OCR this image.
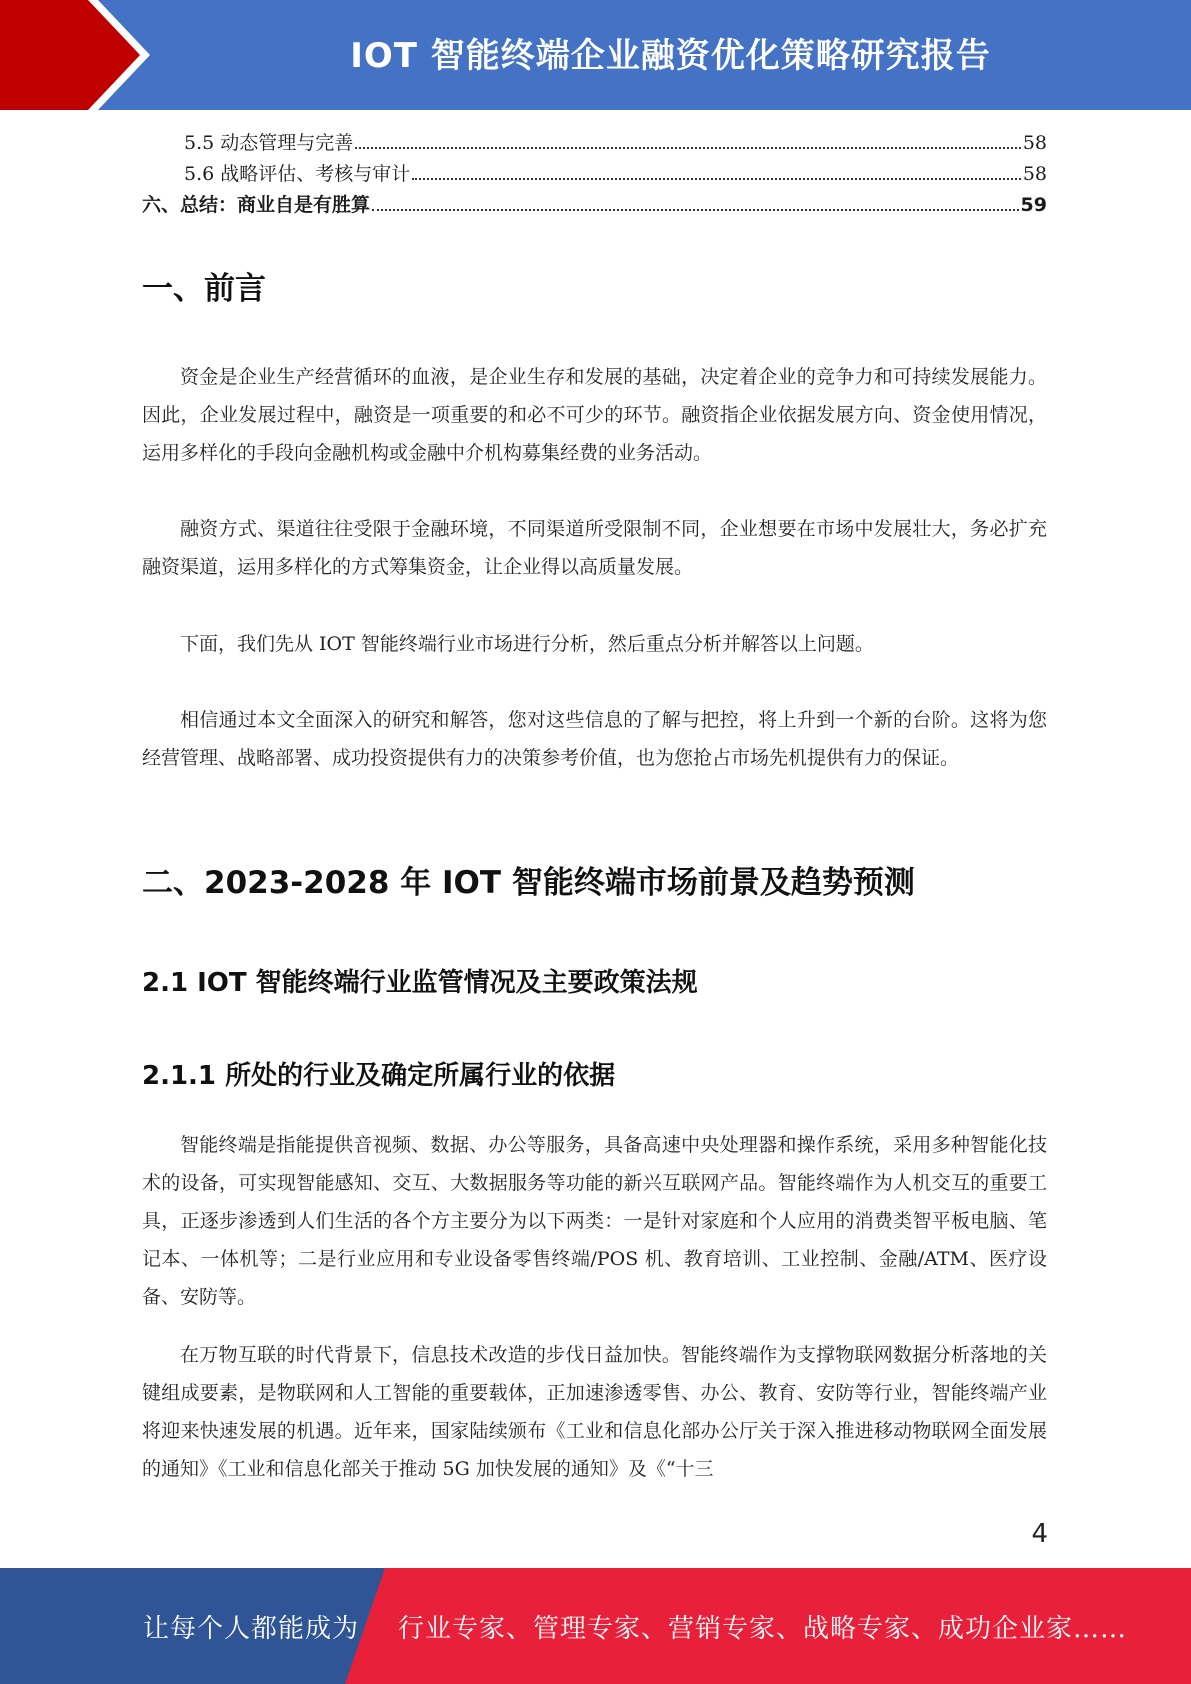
IOT 智能终端企业融资优化策略研究报告
5.5 动态管理与完善	58
5.6 战略评估、考核与审计	58
六、总结：商业自是有胜算	59
一、前言

资金是企业生产经营循环的血液，是企业生存和发展的基础，决定着企业的竞争力和可持续发展能力。因此，企业发展过程中，融资是一项重要的和必不可少的环节。融资指企业依据发展方向、资金使用情况，运用多样化的手段向金融机构或金融中介机构募集经费的业务活动。

融资方式、渠道往往受限于金融环境，不同渠道所受限制不同，企业想要在市场中发展壮大，务必扩充融资渠道，运用多样化的方式筹集资金，让企业得以高质量发展。

下面，我们先从 IOT 智能终端行业市场进行分析，然后重点分析并解答以上问题。

相信通过本文全面深入的研究和解答，您对这些信息的了解与把控，将上升到一个新的台阶。这将为您经营管理、战略部署、成功投资提供有力的决策参考价值，也为您抢占市场先机提供有力的保证。

二、2023-2028 年 IOT 智能终端市场前景及趋势预测
2.1 IOT 智能终端行业监管情况及主要政策法规
2.1.1 所处的行业及确定所属行业的依据

智能终端是指能提供音视频、数据、办公等服务，具备高速中央处理器和操作系统，采用多种智能化技术的设备，可实现智能感知、交互、大数据服务等功能的新兴互联网产品。智能终端作为人机交互的重要工具，正逐步渗透到人们生活的各个方主要分为以下两类：一是针对家庭和个人应用的消费类智平板电脑、笔记本、一体机等；二是行业应用和专业设备零售终端/POS 机、教育培训、工业控制、金融/ATM、医疗设备、安防等。

在万物互联的时代背景下，信息技术改造的步伐日益加快。智能终端作为支撑物联网数据分析落地的关键组成要素，是物联网和人工智能的重要载体，正加速渗透零售、办公、教育、安防等行业，智能终端产业将迎来快速发展的机遇。近年来，国家陆续颁布《工业和信息化部办公厅关于深入推进移动物联网全面发展的通知》《工业和信息化部关于推动 5G 加快发展的通知》及《“十三

4
让每个人都能成为 行业专家、管理专家、营销专家、战略专家、成功企业家……
